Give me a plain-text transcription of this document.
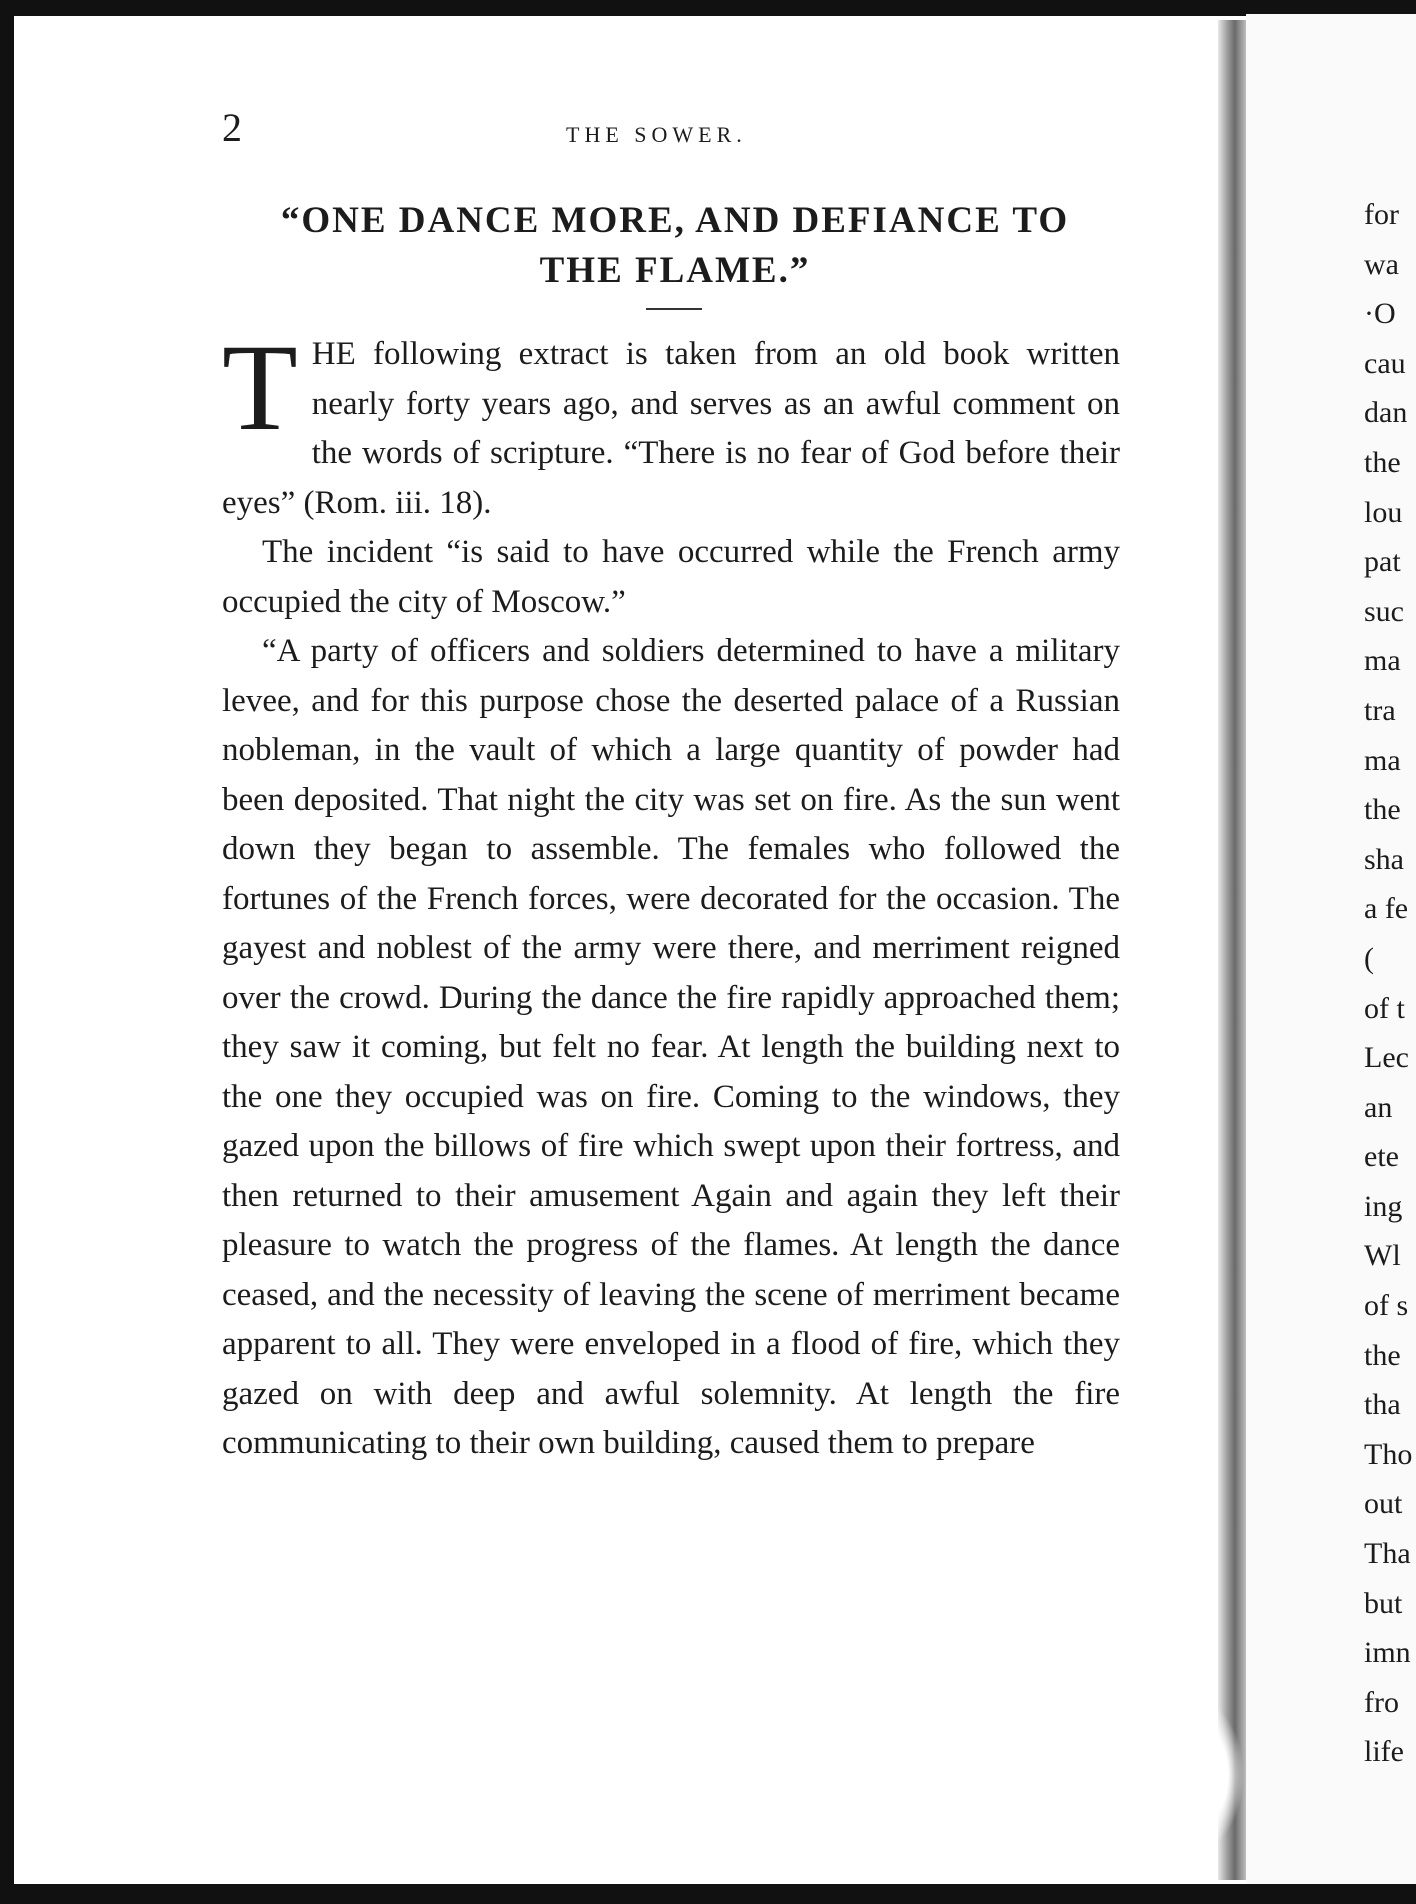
2	THE SOWER.
“ONE DANCE MORE, AND DEFIANCE TO
THE FLAME.”

THE following extract is taken from an old book written nearly forty years ago, and serves as an awful comment on the words of scripture. “There is no fear of God before their eyes” (Rom. iii. 18).

The incident “is said to have occurred while the French army occupied the city of Moscow.”

“A party of officers and soldiers determined to have a military levee, and for this purpose chose the deserted palace of a Russian nobleman, in the vault of which a large quantity of powder had been deposited. That night the city was set on fire. As the sun went down they began to assemble. The females who followed the fortunes of the French forces, were decorated for the occasion. The gayest and noblest of the army were there, and merriment reigned over the crowd. During the dance the fire rapidly approached them; they saw it coming, but felt no fear. At length the building next to the one they occupied was on fire. Coming to the windows, they gazed upon the billows of fire which swept upon their fortress, and then returned to their amusement Again and again they left their pleasure to watch the progress of the flames. At length the dance ceased, and the necessity of leaving the scene of merriment became apparent to all. They were enveloped in a flood of fire, which they gazed on with deep and awful solemnity. At length the fire communicating to their own building, caused them to prepare

for
wa
·O
cau
dan
the
lou
pat
suc
ma
tra
ma
the
sha
a fe
(
of t
Lec
an
ete
ing
Wl
of s
the
tha
Tho
out
Tha
but
imn
fro
life
